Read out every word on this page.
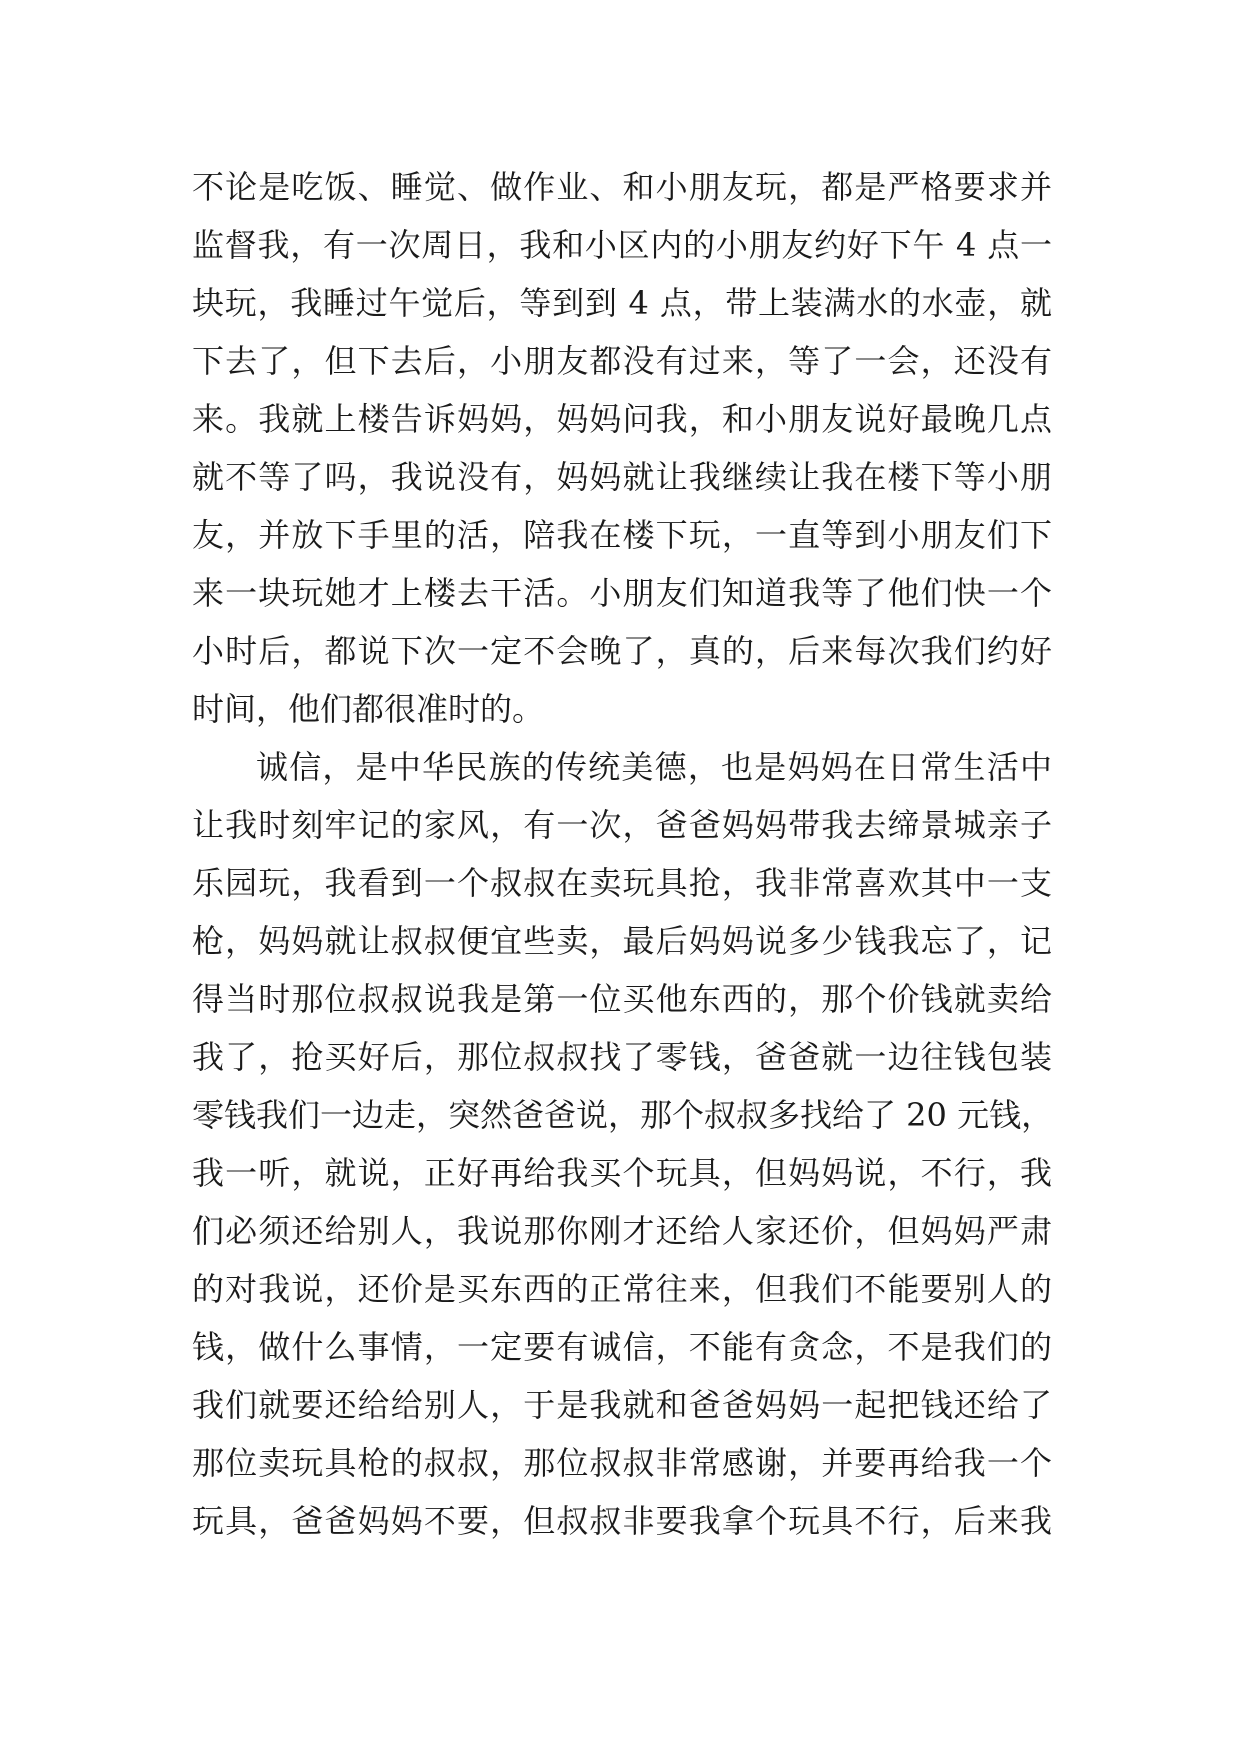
不论是吃饭、睡觉、做作业、和小朋友玩，都是严格要求并
监督我，有一次周日，我和小区内的小朋友约好下午 4 点一
块玩，我睡过午觉后，等到到 4 点，带上装满水的水壶，就
下去了，但下去后，小朋友都没有过来，等了一会，还没有
来。我就上楼告诉妈妈，妈妈问我，和小朋友说好最晚几点
就不等了吗，我说没有，妈妈就让我继续让我在楼下等小朋
友，并放下手里的活，陪我在楼下玩，一直等到小朋友们下
来一块玩她才上楼去干活。小朋友们知道我等了他们快一个
小时后，都说下次一定不会晚了，真的，后来每次我们约好
时间，他们都很准时的。
诚信，是中华民族的传统美德，也是妈妈在日常生活中
让我时刻牢记的家风，有一次，爸爸妈妈带我去缔景城亲子
乐园玩，我看到一个叔叔在卖玩具抢，我非常喜欢其中一支
枪，妈妈就让叔叔便宜些卖，最后妈妈说多少钱我忘了，记
得当时那位叔叔说我是第一位买他东西的，那个价钱就卖给
我了，抢买好后，那位叔叔找了零钱，爸爸就一边往钱包装
零钱我们一边走，突然爸爸说，那个叔叔多找给了 20 元钱，
我一听，就说，正好再给我买个玩具，但妈妈说，不行，我
们必须还给别人，我说那你刚才还给人家还价，但妈妈严肃
的对我说，还价是买东西的正常往来，但我们不能要别人的
钱，做什么事情，一定要有诚信，不能有贪念，不是我们的
我们就要还给给别人，于是我就和爸爸妈妈一起把钱还给了
那位卖玩具枪的叔叔，那位叔叔非常感谢，并要再给我一个
玩具，爸爸妈妈不要，但叔叔非要我拿个玩具不行，后来我
